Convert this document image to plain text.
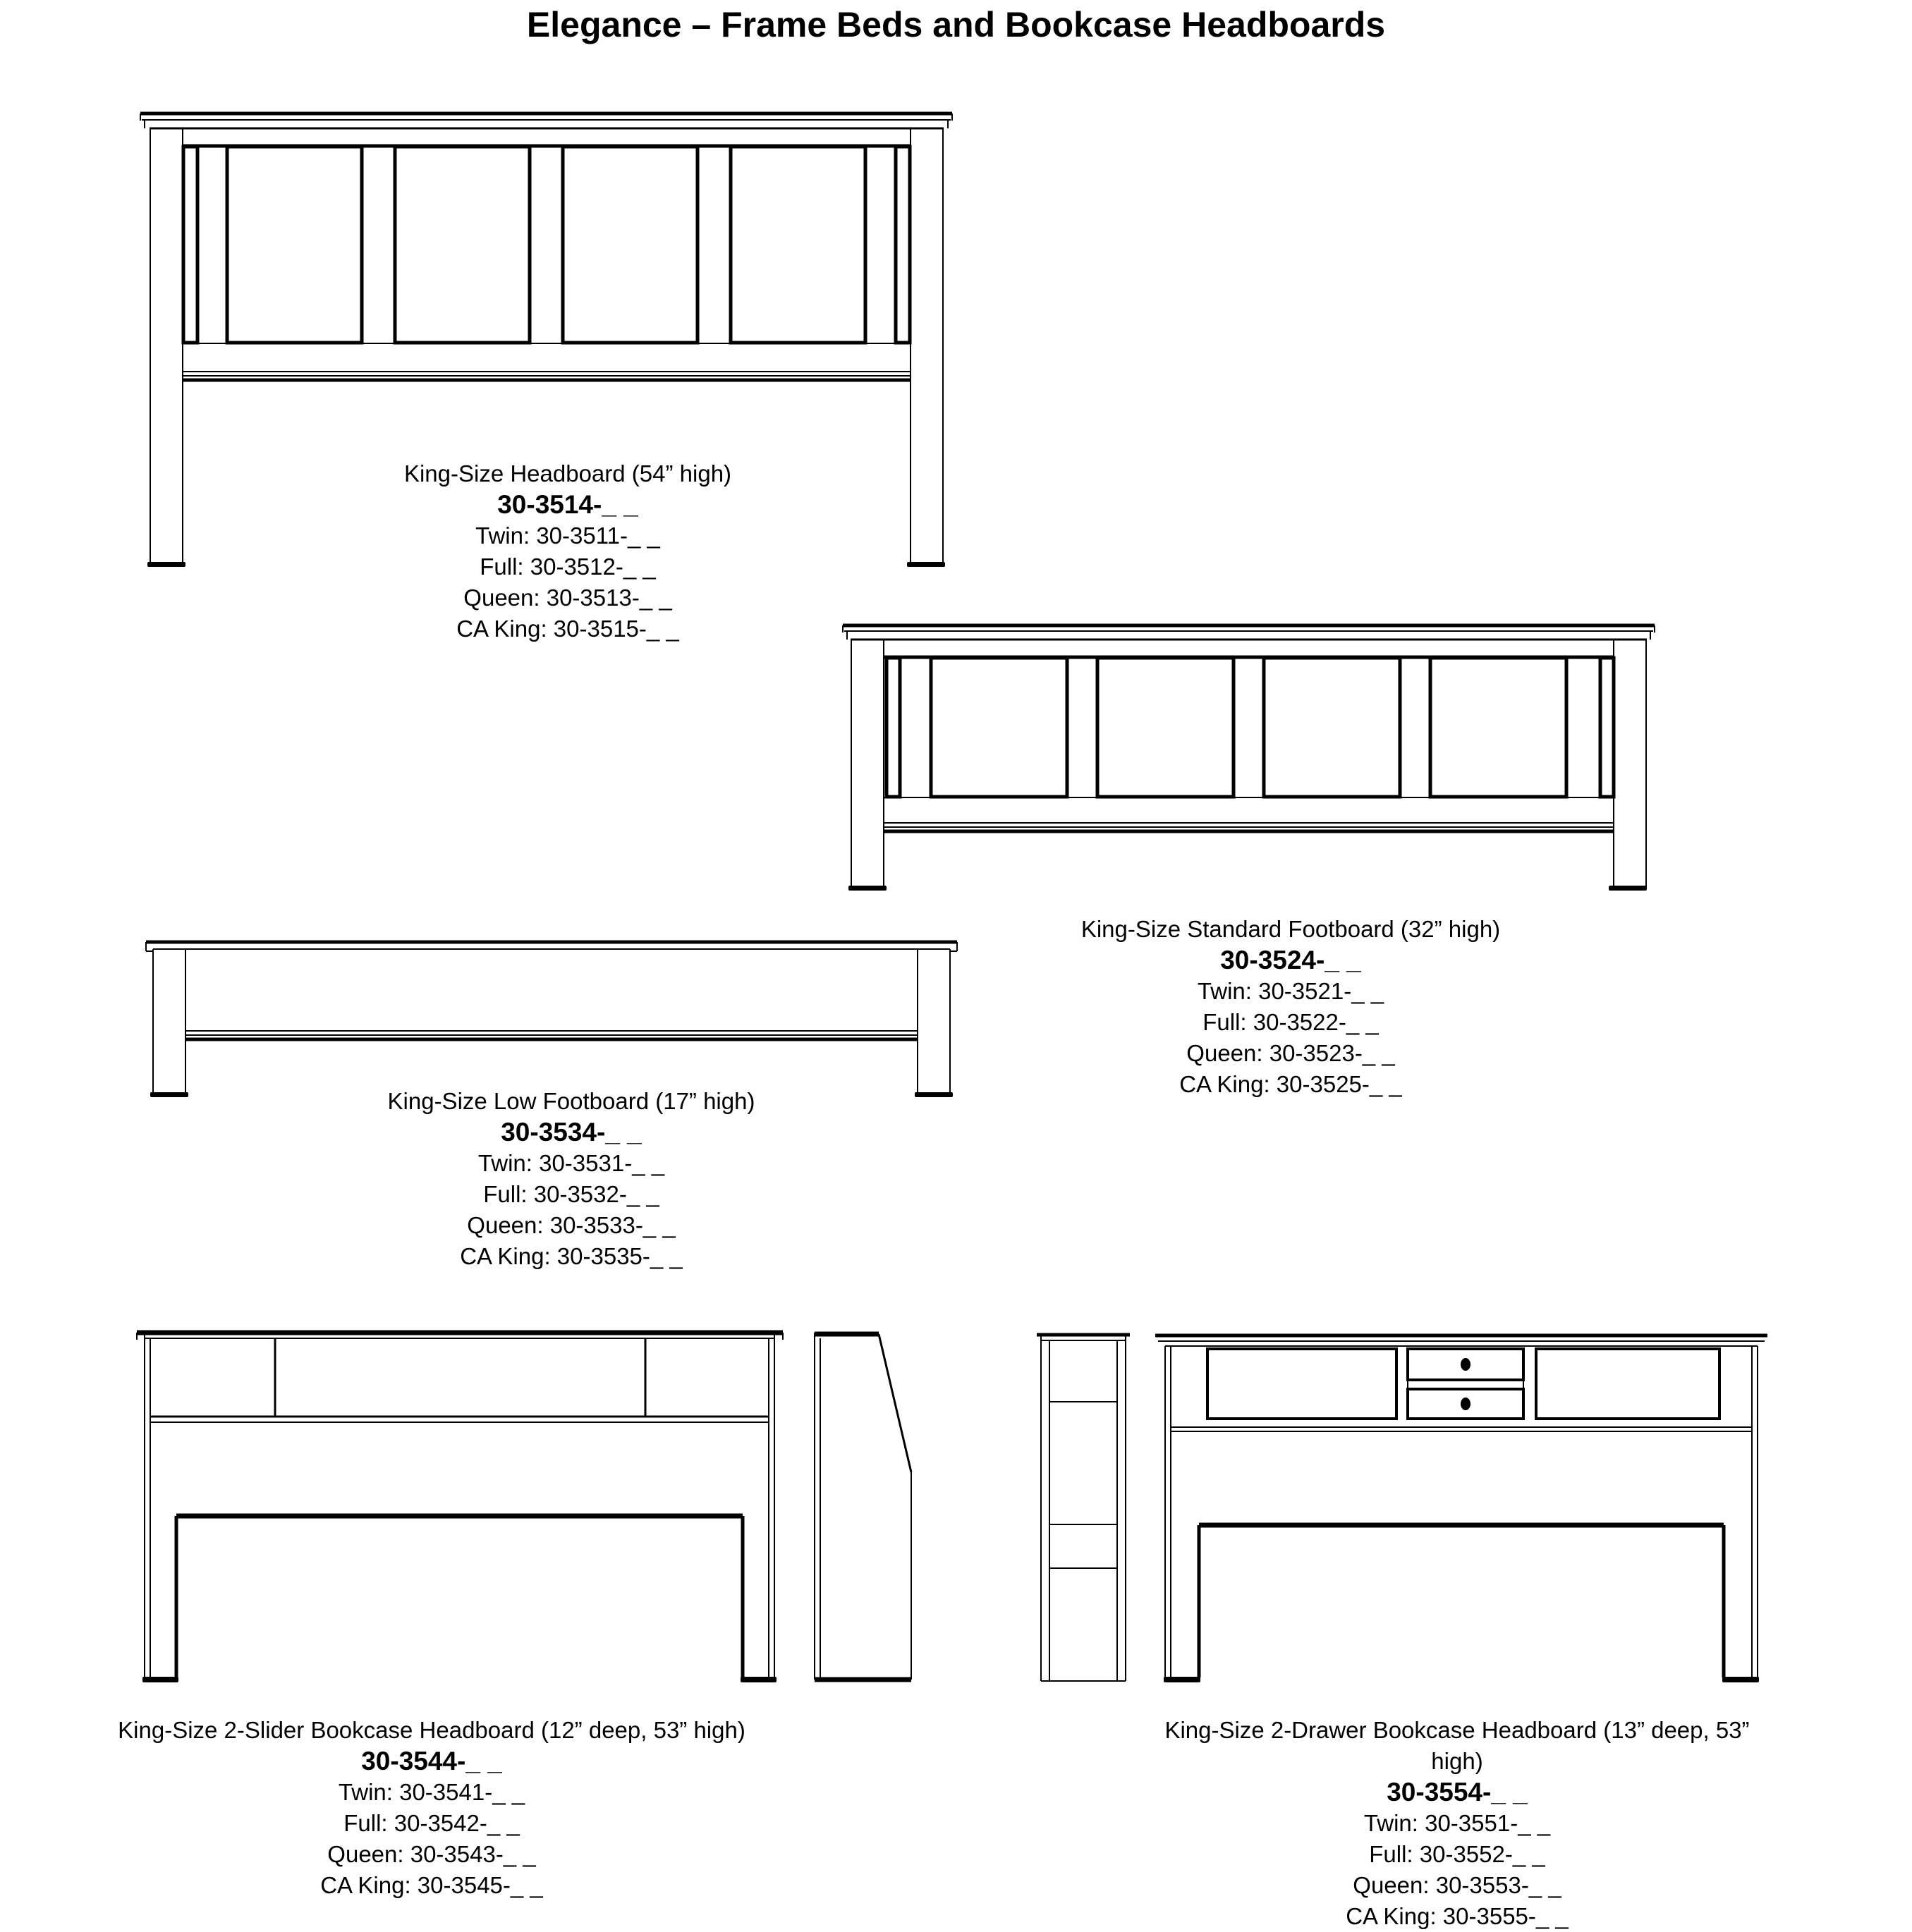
Elegance – Frame Beds and Bookcase Headboards
King-Size Headboard (54” high)
30-3514-_ _
Twin: 30-3511-_ _
Full: 30-3512-_ _
Queen: 30-3513-_ _
CA King: 30-3515-_ _
King-Size Standard Footboard (32” high)
30-3524-_ _
Twin: 30-3521-_ _
Full: 30-3522-_ _
Queen: 30-3523-_ _
CA King: 30-3525-_ _
King-Size Low Footboard (17” high)
30-3534-_ _
Twin: 30-3531-_ _
Full: 30-3532-_ _
Queen: 30-3533-_ _
CA King: 30-3535-_ _
King-Size 2-Slider Bookcase Headboard (12” deep, 53” high)
30-3544-_ _
Twin: 30-3541-_ _
Full: 30-3542-_ _
Queen: 30-3543-_ _
CA King: 30-3545-_ _
King-Size 2-Drawer Bookcase Headboard (13” deep, 53” high)
30-3554-_ _
Twin: 30-3551-_ _
Full: 30-3552-_ _
Queen: 30-3553-_ _
CA King: 30-3555-_ _
